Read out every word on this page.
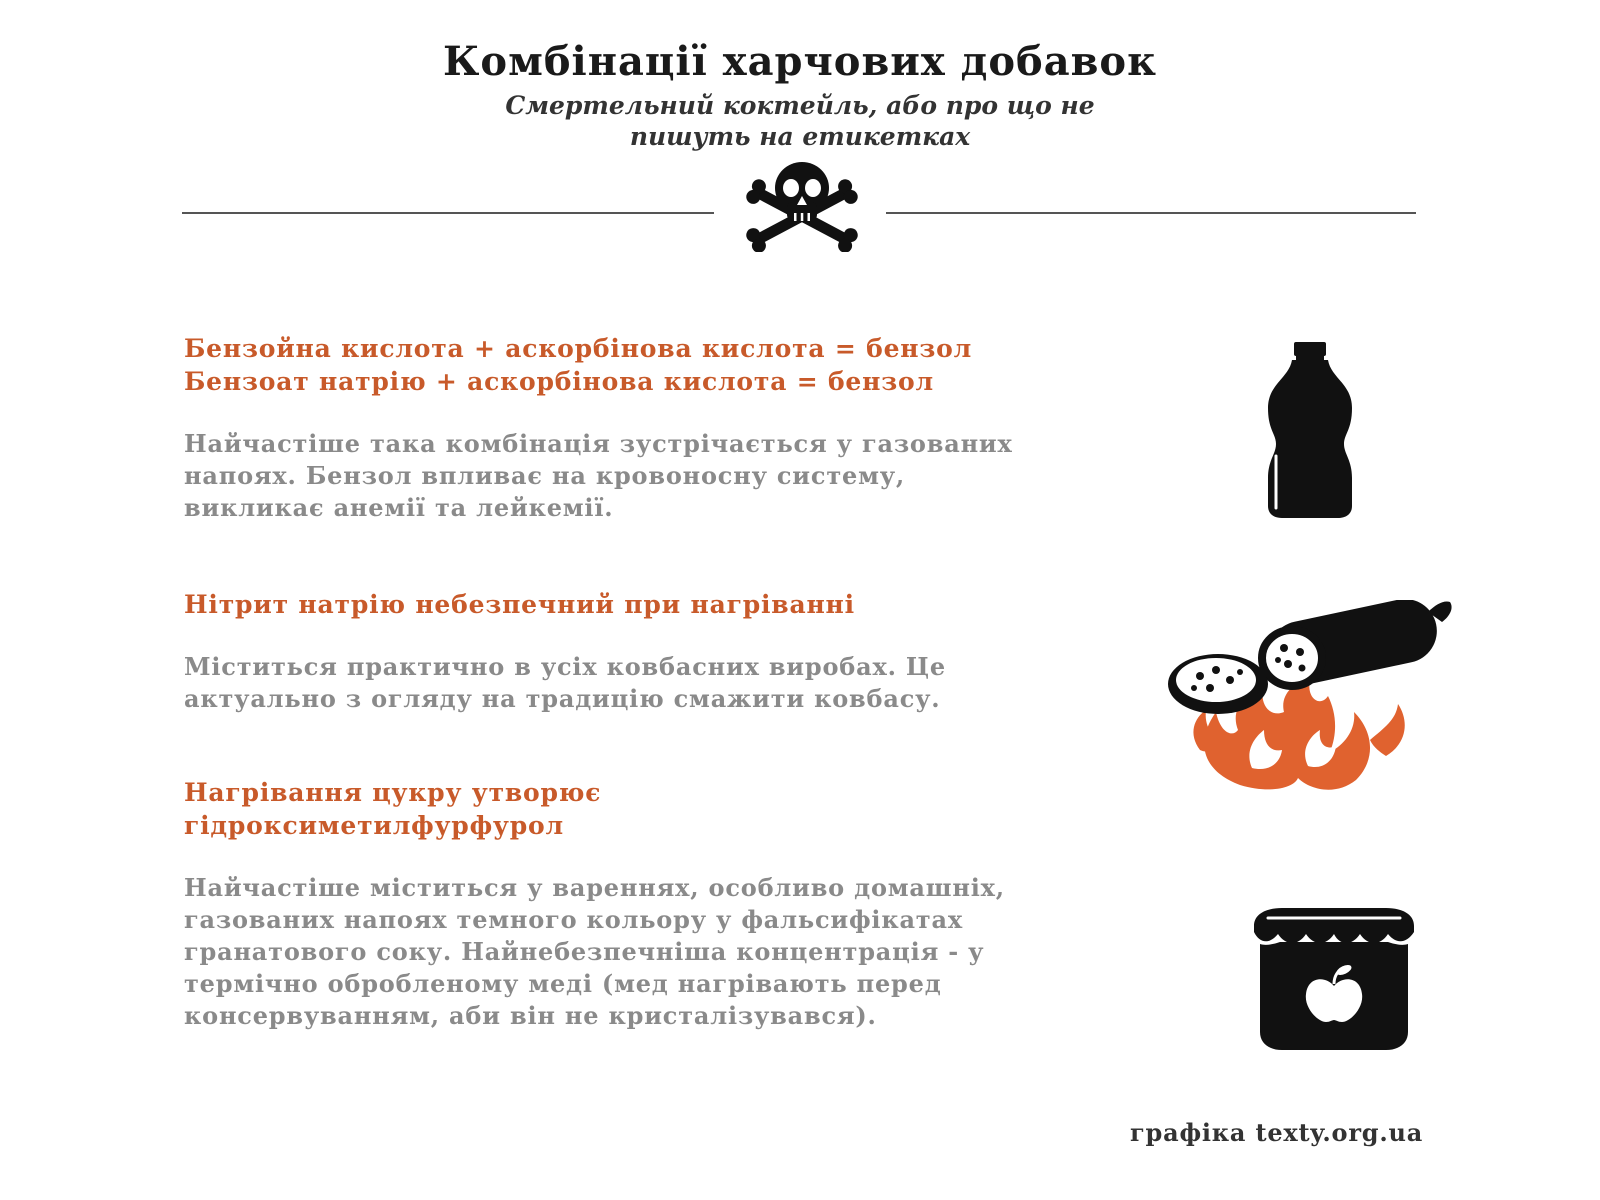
Комбінації харчових добавок

Смертельний коктейль, або про що не
пишуть на етикетках

Бензойна кислота + аскорбінова кислота = бензол
Бензоат натрію + аскорбінова кислота = бензол

Найчастіше така комбінація зустрічається у газованих
напоях. Бензол впливає на кровоносну систему,
викликає анемії та лейкемії.

Нітрит натрію небезпечний при нагріванні

Міститься практично в усіх ковбасних виробах. Це
актуально з огляду на традицію смажити ковбасу.

Нагрівання цукру утворює
гідроксиметилфурфурол

Найчастіше міститься у вареннях, особливо домашніх,
газованих напоях темного кольору у фальсифікатах
гранатового соку. Найнебезпечніша концентрація - у
термічно обробленому меді (мед нагрівають перед
консервуванням, аби він не кристалізувався).

графіка texty.org.ua
